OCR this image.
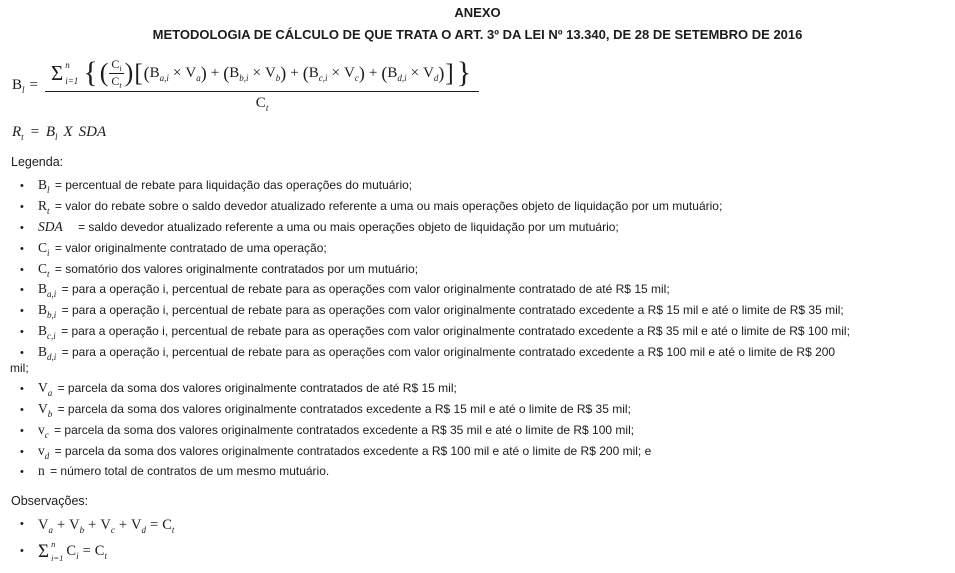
ANEXO
METODOLOGIA DE CÁLCULO DE QUE TRATA O ART. 3º DA LEI Nº 13.340, DE 28 DE SETEMBRO DE 2016
$B_l = \Sigma$ n
i=1 { ( $\frac{C_i}{C_t}$ ) [ ( $B_{a,i} \times V_a$ ) + ( $B_{b,i} \times V_b$ ) + ( $B_{c,i} \times V_c$ ) + ( $B_{d,i} \times V_d$ ) ] }
$C_t$
$R_t = B_l$ X SDA
Legenda:
• $B_l$ = percentual de rebate para liquidação das operações do mutuário;
• $R_t$ = valor do rebate sobre o saldo devedor atualizado referente a uma ou mais operações objeto de liquidação por um mutuário;
• SDA = saldo devedor atualizado referente a uma ou mais operações objeto de liquidação por um mutuário;
• $C_i$ = valor originalmente contratado de uma operação;
• $C_t$ = somatório dos valores originalmente contratados por um mutuário;
• $B_{a,i}$ = para a operação i, percentual de rebate para as operações com valor originalmente contratado de até R$ 15 mil;
• $B_{b,i}$ = para a operação i, percentual de rebate para as operações com valor originalmente contratado excedente a R$ 15 mil e até o limite de R$ 35 mil;
• $B_{c,i}$ = para a operação i, percentual de rebate para as operações com valor originalmente contratado excedente a R$ 35 mil e até o limite de R$ 100 mil;
• $B_{d,i}$ = para a operação i, percentual de rebate para as operações com valor originalmente contratado excedente a R$ 100 mil e até o limite de R$ 200
mil;
• $V_a$ = parcela da soma dos valores originalmente contratados de até R$ 15 mil;
• $V_b$ = parcela da soma dos valores originalmente contratados excedente a R$ 15 mil e até o limite de R$ 35 mil;
• $v_c$ = parcela da soma dos valores originalmente contratados excedente a R$ 35 mil e até o limite de R$ 100 mil;
• $v_d$ = parcela da soma dos valores originalmente contratados excedente a R$ 100 mil e até o limite de R$ 200 mil; e
• n = número total de contratos de um mesmo mutuário.
Observações:
• $V_a + V_b + V_c + V_d = C_t$
• Σ n
i=1 $C_i = C_t$
